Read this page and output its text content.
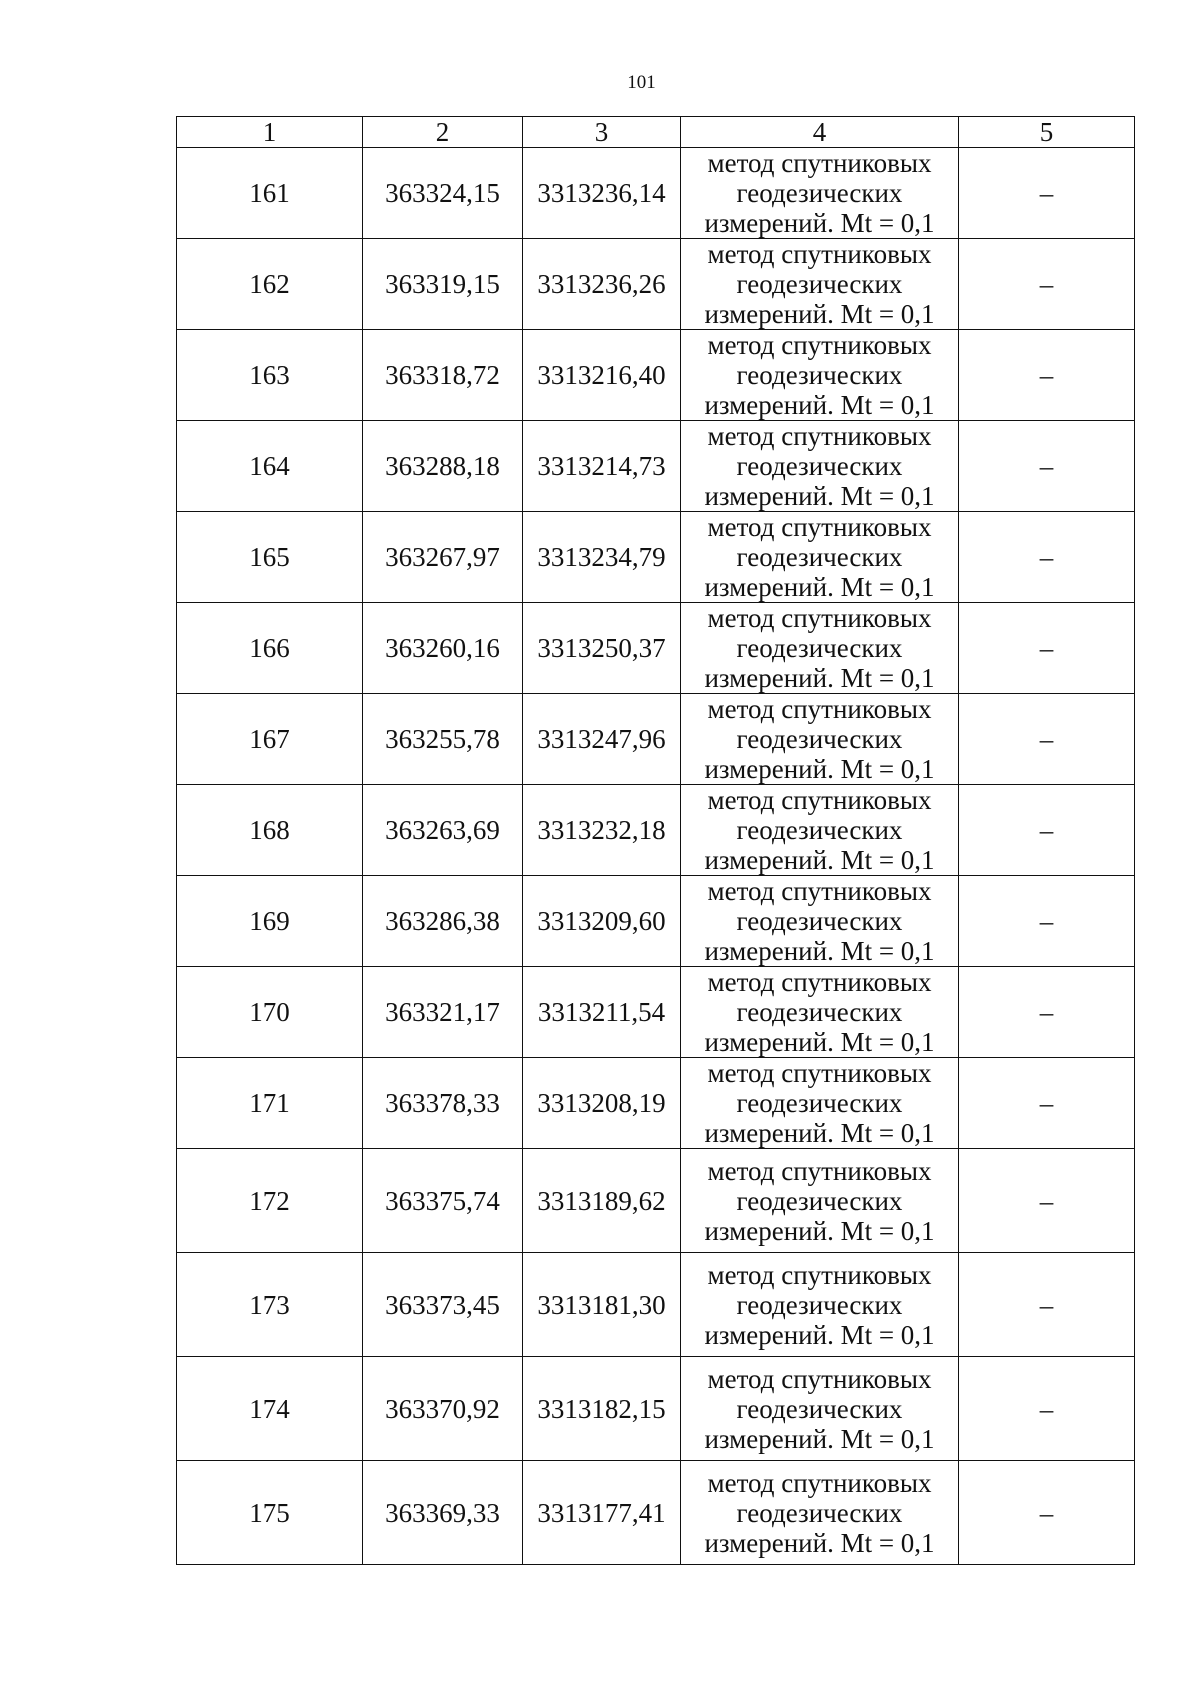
101
1	2	3	4	5
161	363324,15	3313236,14	метод спутниковых
геодезических
измерений. Mt = 0,1	–
162	363319,15	3313236,26	метод спутниковых
геодезических
измерений. Mt = 0,1	–
163	363318,72	3313216,40	метод спутниковых
геодезических
измерений. Mt = 0,1	–
164	363288,18	3313214,73	метод спутниковых
геодезических
измерений. Mt = 0,1	–
165	363267,97	3313234,79	метод спутниковых
геодезических
измерений. Mt = 0,1	–
166	363260,16	3313250,37	метод спутниковых
геодезических
измерений. Mt = 0,1	–
167	363255,78	3313247,96	метод спутниковых
геодезических
измерений. Mt = 0,1	–
168	363263,69	3313232,18	метод спутниковых
геодезических
измерений. Mt = 0,1	–
169	363286,38	3313209,60	метод спутниковых
геодезических
измерений. Mt = 0,1	–
170	363321,17	3313211,54	метод спутниковых
геодезических
измерений. Mt = 0,1	–
171	363378,33	3313208,19	метод спутниковых
геодезических
измерений. Mt = 0,1	–
172	363375,74	3313189,62	метод спутниковых
геодезических
измерений. Mt = 0,1	–
173	363373,45	3313181,30	метод спутниковых
геодезических
измерений. Mt = 0,1	–
174	363370,92	3313182,15	метод спутниковых
геодезических
измерений. Mt = 0,1	–
175	363369,33	3313177,41	метод спутниковых
геодезических
измерений. Mt = 0,1	–
